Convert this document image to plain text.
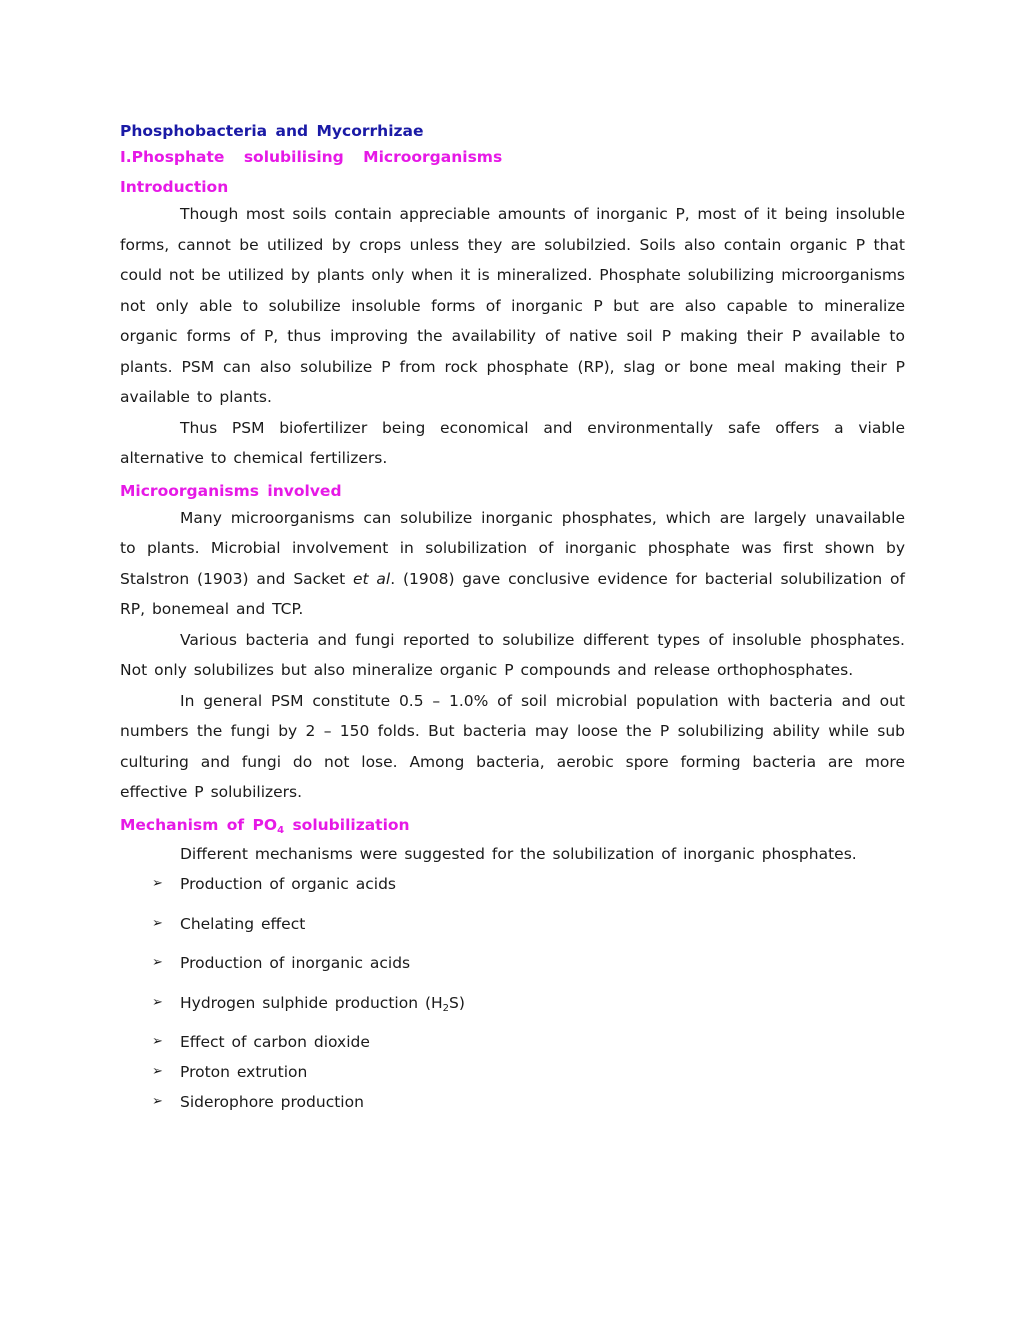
Phosphobacteria and Mycorrhizae
I.Phosphate solubilising Microorganisms
Introduction

Though most soils contain appreciable amounts of inorganic P, most of it being insoluble forms, cannot be utilized by crops unless they are solubilzied. Soils also contain organic P that could not be utilized by plants only when it is mineralized. Phosphate solubilizing microorganisms not only able to solubilize insoluble forms of inorganic P but are also capable to mineralize organic forms of P, thus improving the availability of native soil P making their P available to plants. PSM can also solubilize P from rock phosphate (RP), slag or bone meal making their P available to plants.

Thus PSM biofertilizer being economical and environmentally safe offers a viable alternative to chemical fertilizers.

Microorganisms involved

Many microorganisms can solubilize inorganic phosphates, which are largely unavailable to plants. Microbial involvement in solubilization of inorganic phosphate was first shown by Stalstron (1903) and Sacket et al. (1908) gave conclusive evidence for bacterial solubilization of RP, bonemeal and TCP.

Various bacteria and fungi reported to solubilize different types of insoluble phosphates. Not only solubilizes but also mineralize organic P compounds and release orthophosphates.

In general PSM constitute 0.5 – 1.0% of soil microbial population with bacteria and out numbers the fungi by 2 – 150 folds. But bacteria may loose the P solubilizing ability while sub culturing and fungi do not lose. Among bacteria, aerobic spore forming bacteria are more effective P solubilizers.

Mechanism of $PO_4$ solubilization

Different mechanisms were suggested for the solubilization of inorganic phosphates.

➢ Production of organic acids
➢ Chelating effect
➢ Production of inorganic acids
➢ Hydrogen sulphide production $(H_2S)$
➢ Effect of carbon dioxide
➢ Proton extrution
➢ Siderophore production
